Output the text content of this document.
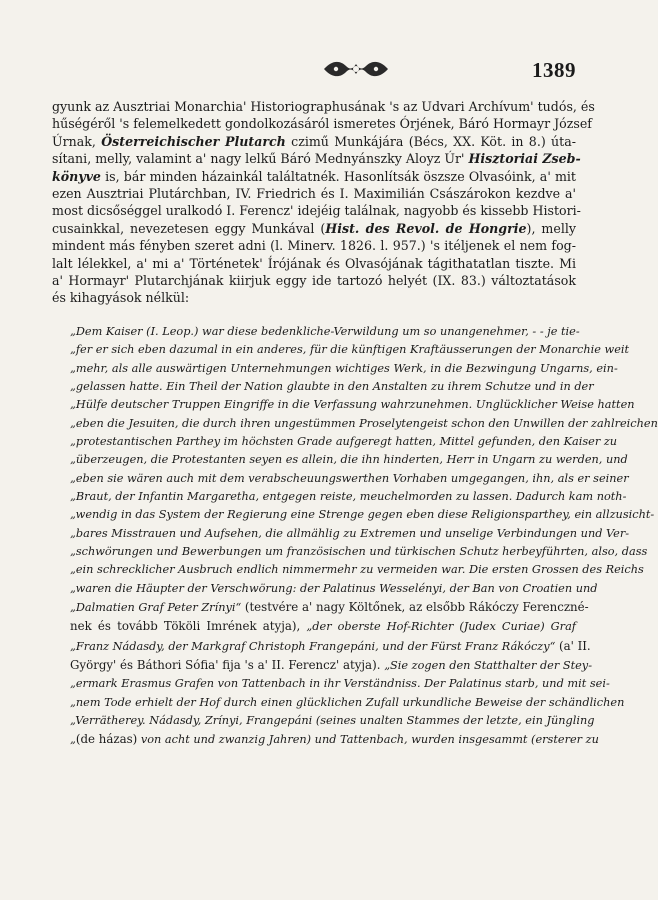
1389
gyunk az Ausztriai Monarchia' Historiographusának 's az Udvari Archívum' tudós, és
hűségéről 's felemelkedett gondolkozásáról ismeretes Órjének, Báró Hormayr József
Úrnak, Österreichischer Plutarch czimű Munkájára (Bécs, XX. Köt. in 8.) úta-
sítani, melly, valamint a' nagy lelkű Báró Mednyánszky Aloyz Úr' Hisztoriai Zseb-
könyve is, bár minden házainkál találtatnék. Hasonlítsák öszsze Olvasóink, a' mit
ezen Ausztriai Plutárchban, IV. Friedrich és I. Maximilián Császárokon kezdve a'
most dicsőséggel uralkodó I. Ferencz' idejéig találnak, nagyobb és kissebb Histori-
cusainkkal, nevezetesen eggy Munkával (Hist. des Revol. de Hongrie), melly
mindent más fényben szeret adni (l. Minerv. 1826. l. 957.) 's itéljenek el nem fog-
lalt lélekkel, a' mi a' Történetek' Írójának és Olvasójának tágithatatlan tiszte. Mi
a' Hormayr' Plutarchjának kiirjuk eggy ide tartozó helyét (IX. 83.) változtatások
és kihagyások nélkül:
„Dem Kaiser (I. Leop.) war diese bedenkliche-Verwildung um so unangenehmer, - - je tie-
„fer er sich eben dazumal in ein anderes, für die künftigen Kraftäusserungen der Monarchie weit
„mehr, als alle auswärtigen Unternehmungen wichtiges Werk, in die Bezwingung Ungarns, ein-
„gelassen hatte. Ein Theil der Nation glaubte in den Anstalten zu ihrem Schutze und in der
„Hülfe deutscher Truppen Eingriffe in die Verfassung wahrzunehmen. Unglücklicher Weise hatten
„eben die Jesuiten, die durch ihren ungestümmen Proselytengeist schon den Unwillen der zahlreichen
„protestantischen Parthey im höchsten Grade aufgeregt hatten, Mittel gefunden, den Kaiser zu
„überzeugen, die Protestanten seyen es allein, die ihn hinderten, Herr in Ungarn zu werden, und
„eben sie wären auch mit dem verabscheuungswerthen Vorhaben umgegangen, ihn, als er seiner
„Braut, der Infantin Margaretha, entgegen reiste, meuchelmorden zu lassen. Dadurch kam noth-
„wendig in das System der Regierung eine Strenge gegen eben diese Religionsparthey, ein allzusicht-
„bares Misstrauen und Aufsehen, die allmählig zu Extremen und unselige Verbindungen und Ver-
„schwörungen und Bewerbungen um französischen und türkischen Schutz herbeyführten, also, dass
„ein schrecklicher Ausbruch endlich nimmermehr zu vermeiden war. Die ersten Grossen des Reichs
„waren die Häupter der Verschwörung: der Palatinus Wesselényi, der Ban von Croatien und
„Dalmatien Graf Peter Zrínyi“ (testvére a' nagy Költőnek, az elsőbb Rákóczy Ferenczné-
nek és tovább Tököli Imrének atyja), „der oberste Hof-Richter (Judex Curiae) Graf
„Franz Nádasdy, der Markgraf Christoph Frangepáni, und der Fürst Franz Rákóczy“ (a' II.
György' és Báthori Sófia' fija 's a' II. Ferencz' atyja). „Sie zogen den Statthalter der Stey-
„ermark Erasmus Grafen von Tattenbach in ihr Verständniss. Der Palatinus starb, und mit sei-
„nem Tode erhielt der Hof durch einen glücklichen Zufall urkundliche Beweise der schändlichen
„Verrätherey. Nádasdy, Zrínyi, Frangepáni (seines unalten Stammes der letzte, ein Jüngling
„(de házas) von acht und zwanzig Jahren) und Tattenbach, wurden insgesammt (ersterer zu
